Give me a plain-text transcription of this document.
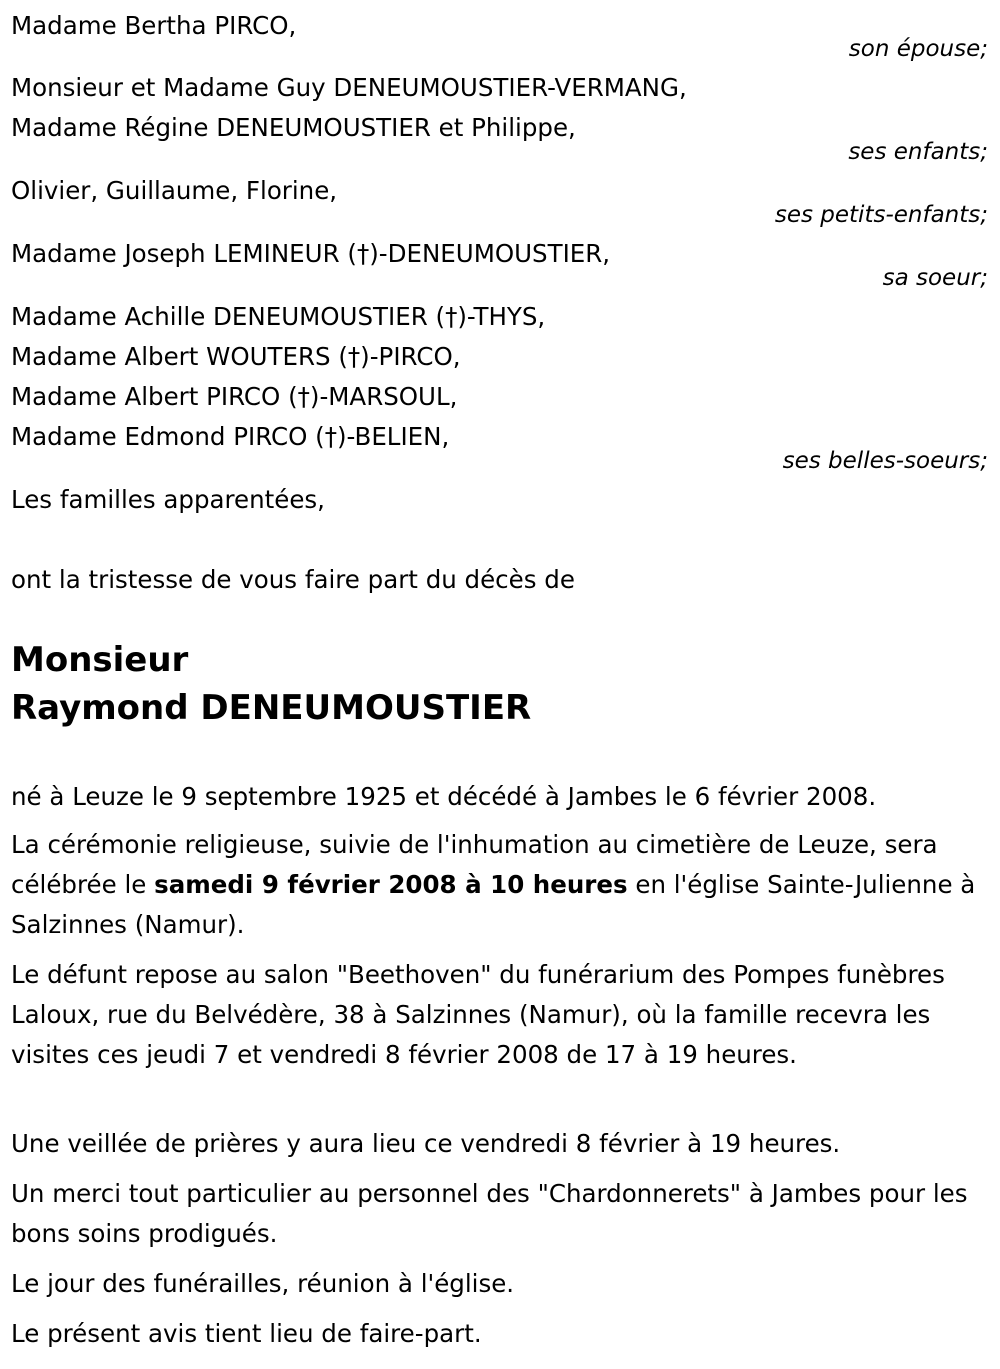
Madame Bertha PIRCO,
son épouse;
Monsieur et Madame Guy DENEUMOUSTIER-VERMANG,
Madame Régine DENEUMOUSTIER et Philippe,
ses enfants;
Olivier, Guillaume, Florine,
ses petits-enfants;
Madame Joseph LEMINEUR (†)-DENEUMOUSTIER,
sa soeur;
Madame Achille DENEUMOUSTIER (†)-THYS,
Madame Albert WOUTERS (†)-PIRCO,
Madame Albert PIRCO (†)-MARSOUL,
Madame Edmond PIRCO (†)-BELIEN,
ses belles-soeurs;
Les familles apparentées,
ont la tristesse de vous faire part du décès de
Monsieur
Raymond DENEUMOUSTIER
né à Leuze le 9 septembre 1925 et décédé à Jambes le 6 février 2008.
La cérémonie religieuse, suivie de l'inhumation au cimetière de Leuze, sera célébrée le samedi 9 février 2008 à 10 heures en l'église Sainte-Julienne à Salzinnes (Namur).
Le défunt repose au salon "Beethoven" du funérarium des Pompes funèbres Laloux, rue du Belvédère, 38 à Salzinnes (Namur), où la famille recevra les visites ces jeudi 7 et vendredi 8 février 2008 de 17 à 19 heures.
Une veillée de prières y aura lieu ce vendredi 8 février à 19 heures.
Un merci tout particulier au personnel des "Chardonnerets" à Jambes pour les bons soins prodigués.
Le jour des funérailles, réunion à l'église.
Le présent avis tient lieu de faire-part.
